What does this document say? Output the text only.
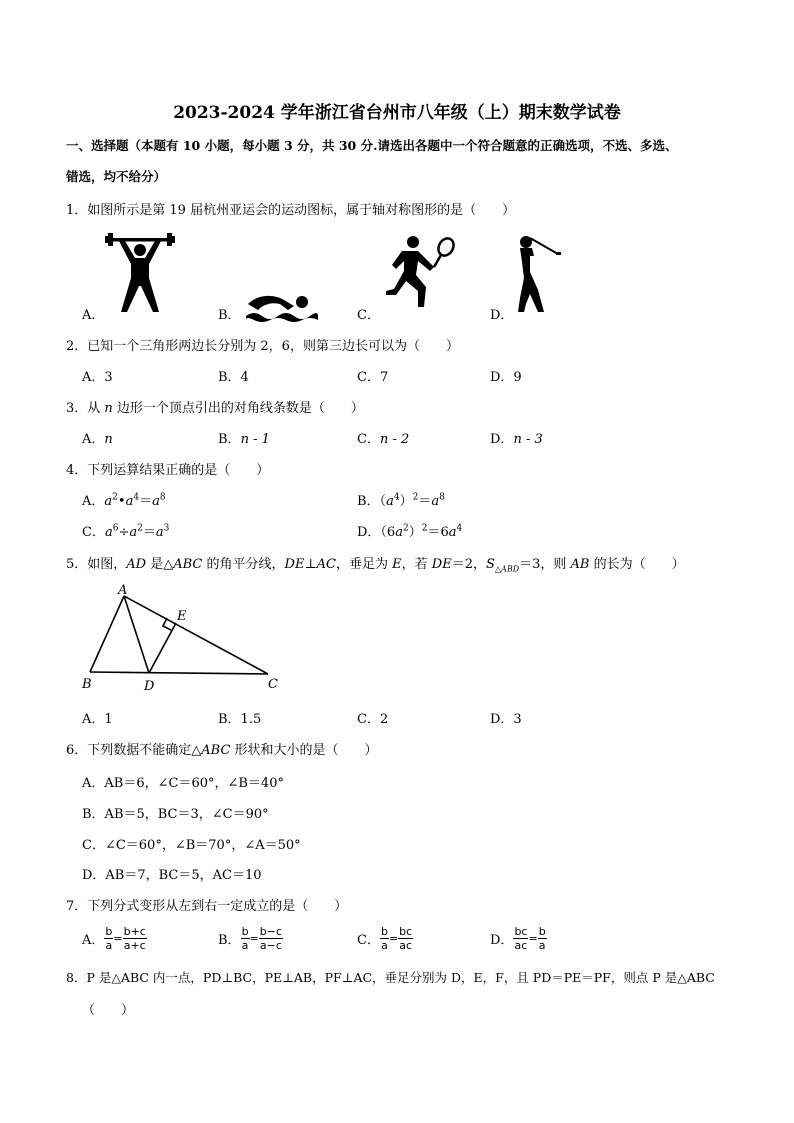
2023-2024 学年浙江省台州市八年级（上）期末数学试卷
一、选择题（本题有 10 小题，每小题 3 分，共 30 分.请选出各题中一个符合题意的正确选项，不选、多选、
错选，均不给分）
1．如图所示是第 19 届杭州亚运会的运动图标，属于轴对称图形的是（　　）
A．	B．	C．	D．
2．已知一个三角形两边长分别为 2，6，则第三边长可以为（　　）
A．3	B．4	C．7	D．9
3．从 n 边形一个顶点引出的对角线条数是（　　）
A．n	B．n - 1	C．n - 2	D．n - 3
4．下列运算结果正确的是（　　）
A．$a^2•a^4=a^8$	B．$(a^4)^2=a^8$
C．$a^6\div a^2=a^3$	D．$(6a^2)^2=6a^4$
5．如图，AD 是△ABC 的角平分线，DE⊥AC，垂足为 E，若 DE＝2，$S_{\triangle ABD}=3$，则 AB 的长为（　　）
A
B	C
D
E
A．1	B．1.5	C．2	D．3
6．下列数据不能确定△ABC 形状和大小的是（　　）
A．AB＝6，∠C＝60°，∠B＝40°
B．AB＝5，BC＝3，∠C＝90°
C．∠C＝60°，∠B＝70°，∠A＝50°
D．AB＝7，BC＝5，AC＝10
7．下列分式变形从左到右一定成立的是（　　）
A． $\frac{b}{a} = \frac{b+c}{a+c}$	B． $\frac{b}{a} = \frac{b-c}{a-c}$	C． $\frac{b}{a} = \frac{bc}{ac}$	D． $\frac{bc}{ac} = \frac{b}{a}$
8．P 是△ABC 内一点，PD⊥BC，PE⊥AB，PF⊥AC，垂足分别为 D，E，F，且 PD＝PE＝PF，则点 P 是△ABC
（　　）
